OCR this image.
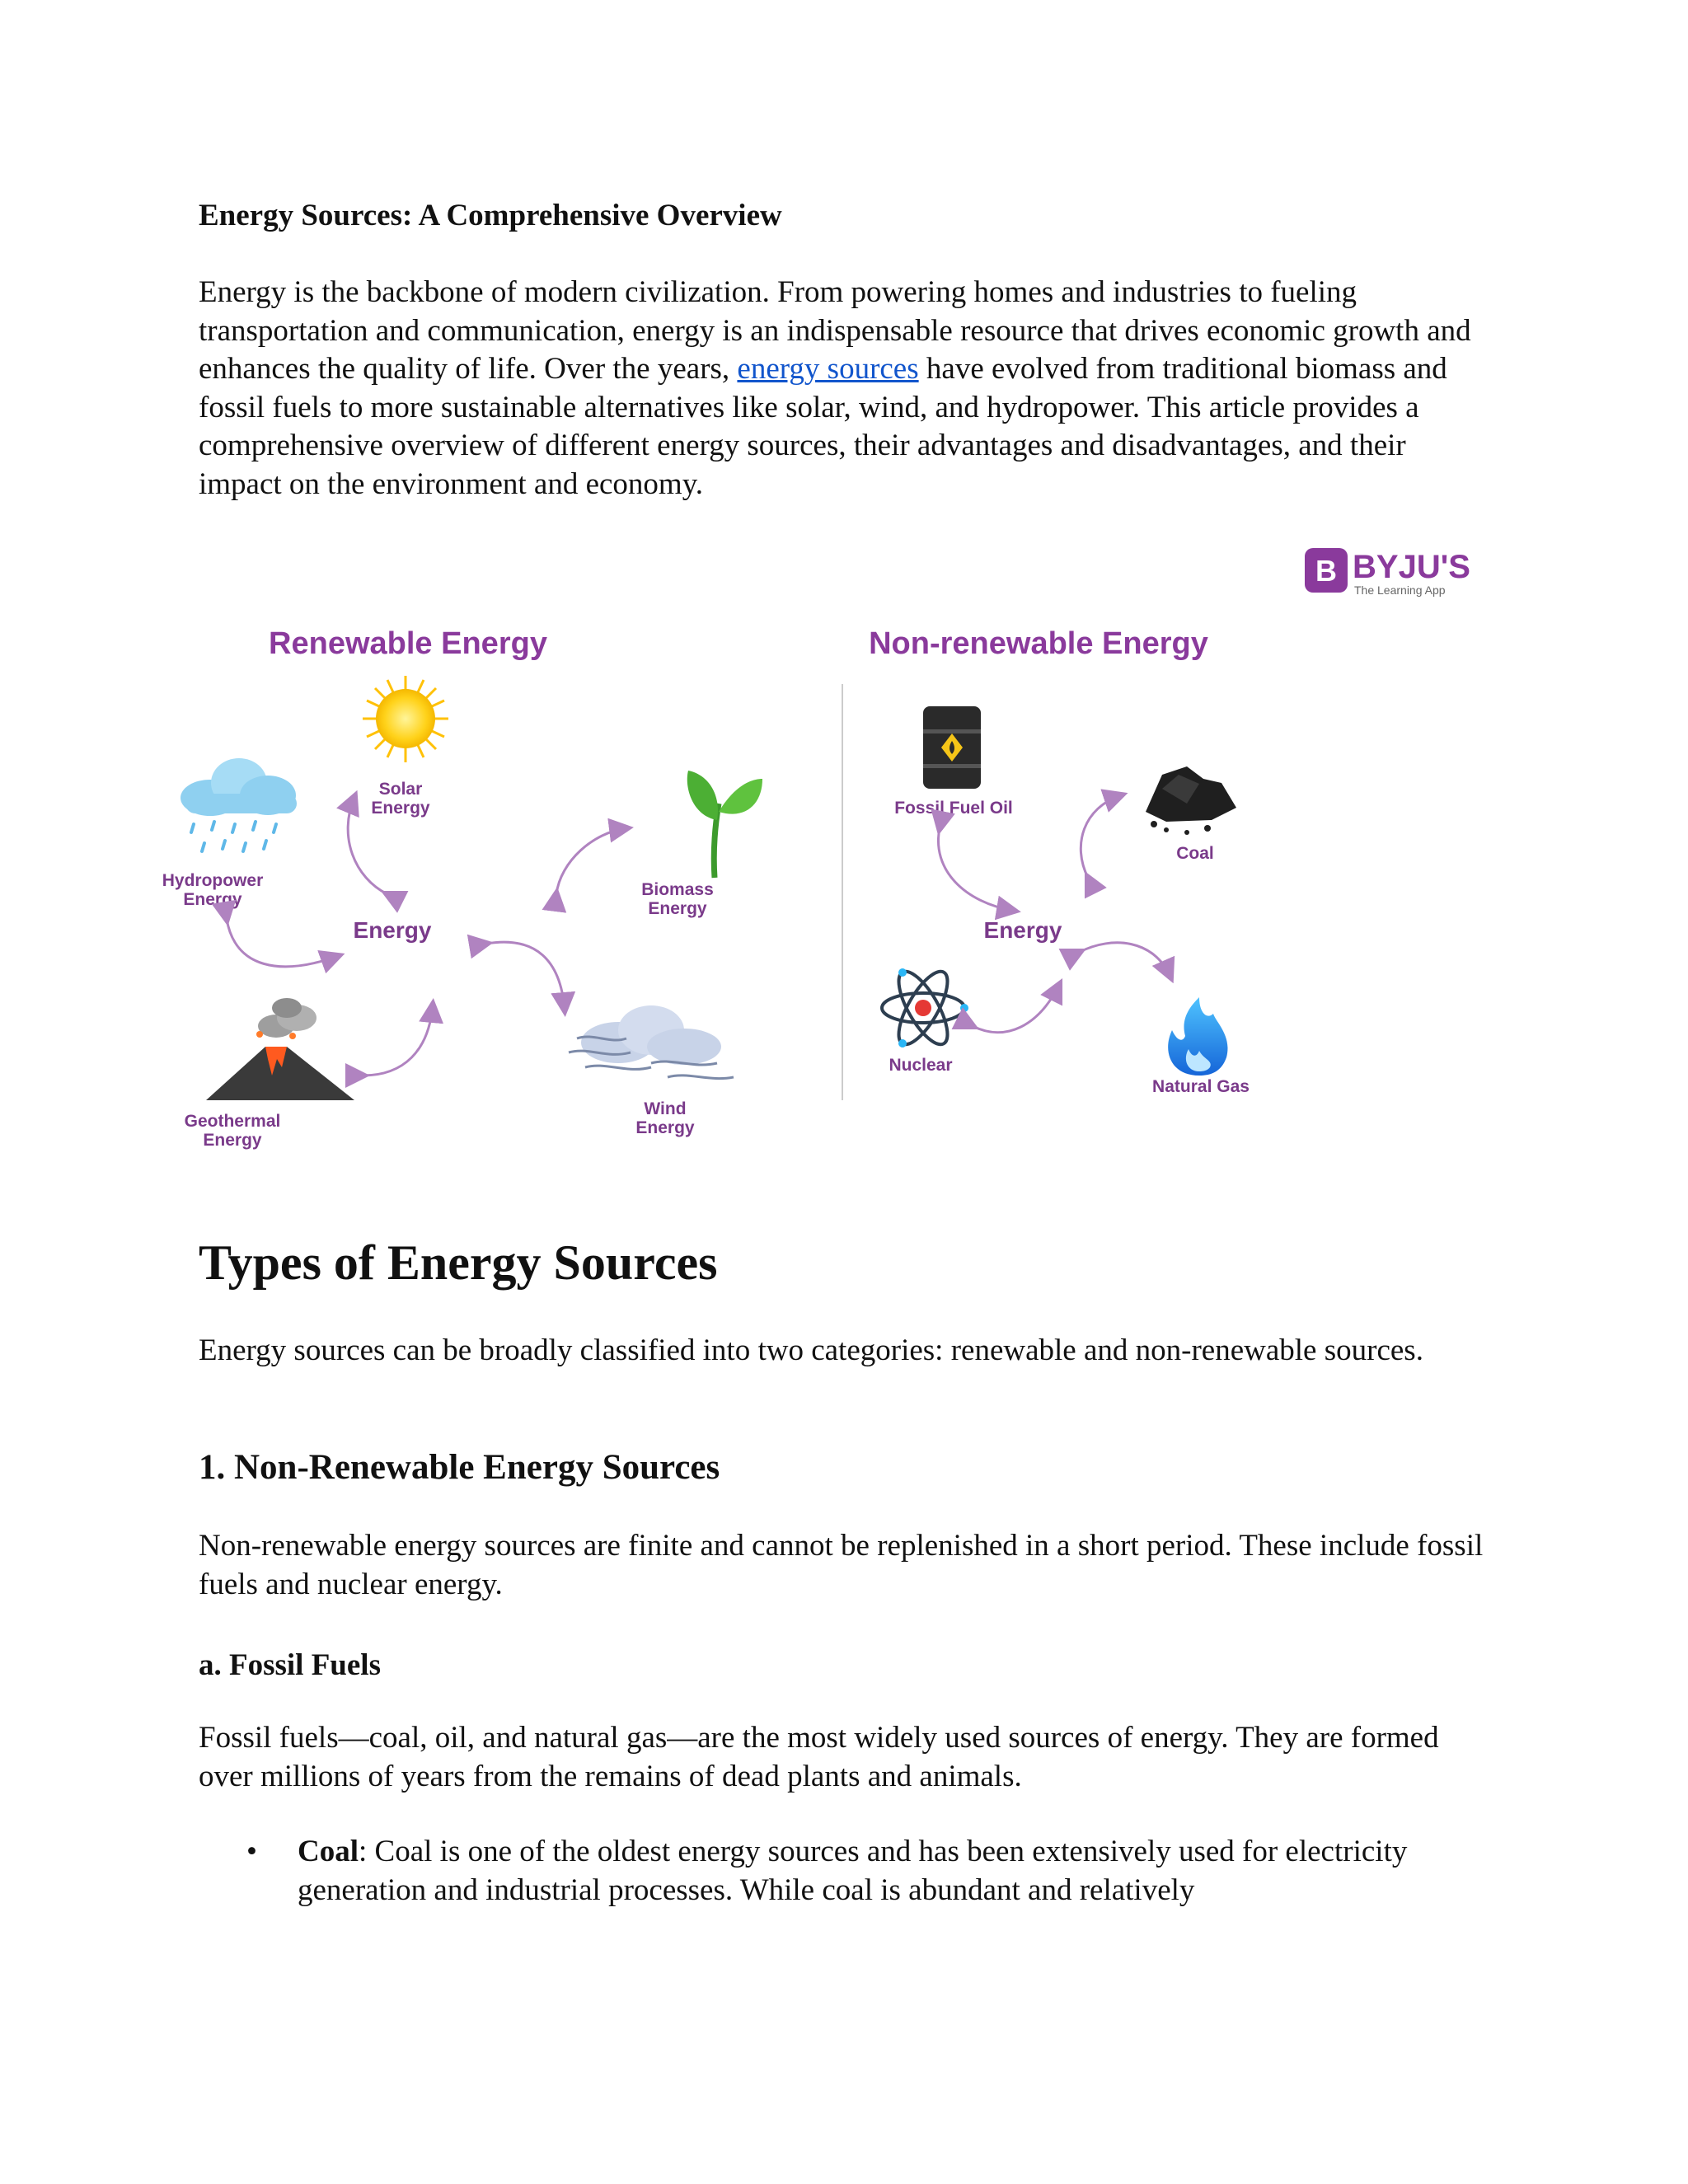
Energy Sources: A Comprehensive Overview

Energy is the backbone of modern civilization. From powering homes and industries to fueling transportation and communication, energy is an indispensable resource that drives economic growth and enhances the quality of life. Over the years, energy sources have evolved from traditional biomass and fossil fuels to more sustainable alternatives like solar, wind, and hydropower. This article provides a comprehensive overview of different energy sources, their advantages and disadvantages, and their impact on the environment and economy.

Types of Energy Sources

Energy sources can be broadly classified into two categories: renewable and non-renewable sources.

1. Non-Renewable Energy Sources

Non-renewable energy sources are finite and cannot be replenished in a short period. These include fossil fuels and nuclear energy.

a. Fossil Fuels

Fossil fuels—coal, oil, and natural gas—are the most widely used sources of energy. They are formed over millions of years from the remains of dead plants and animals.

• Coal: Coal is one of the oldest energy sources and has been extensively used for electricity generation and industrial processes. While coal is abundant and relatively
B BYJU'S
The Learning App
Renewable Energy	Non-renewable Energy
Solar
Energy
Hydropower
Energy
Biomass
Energy
Energy
Geothermal
Energy
Wind
Energy
Fossil Fuel Oil
Coal
Energy
Nuclear
Natural Gas
